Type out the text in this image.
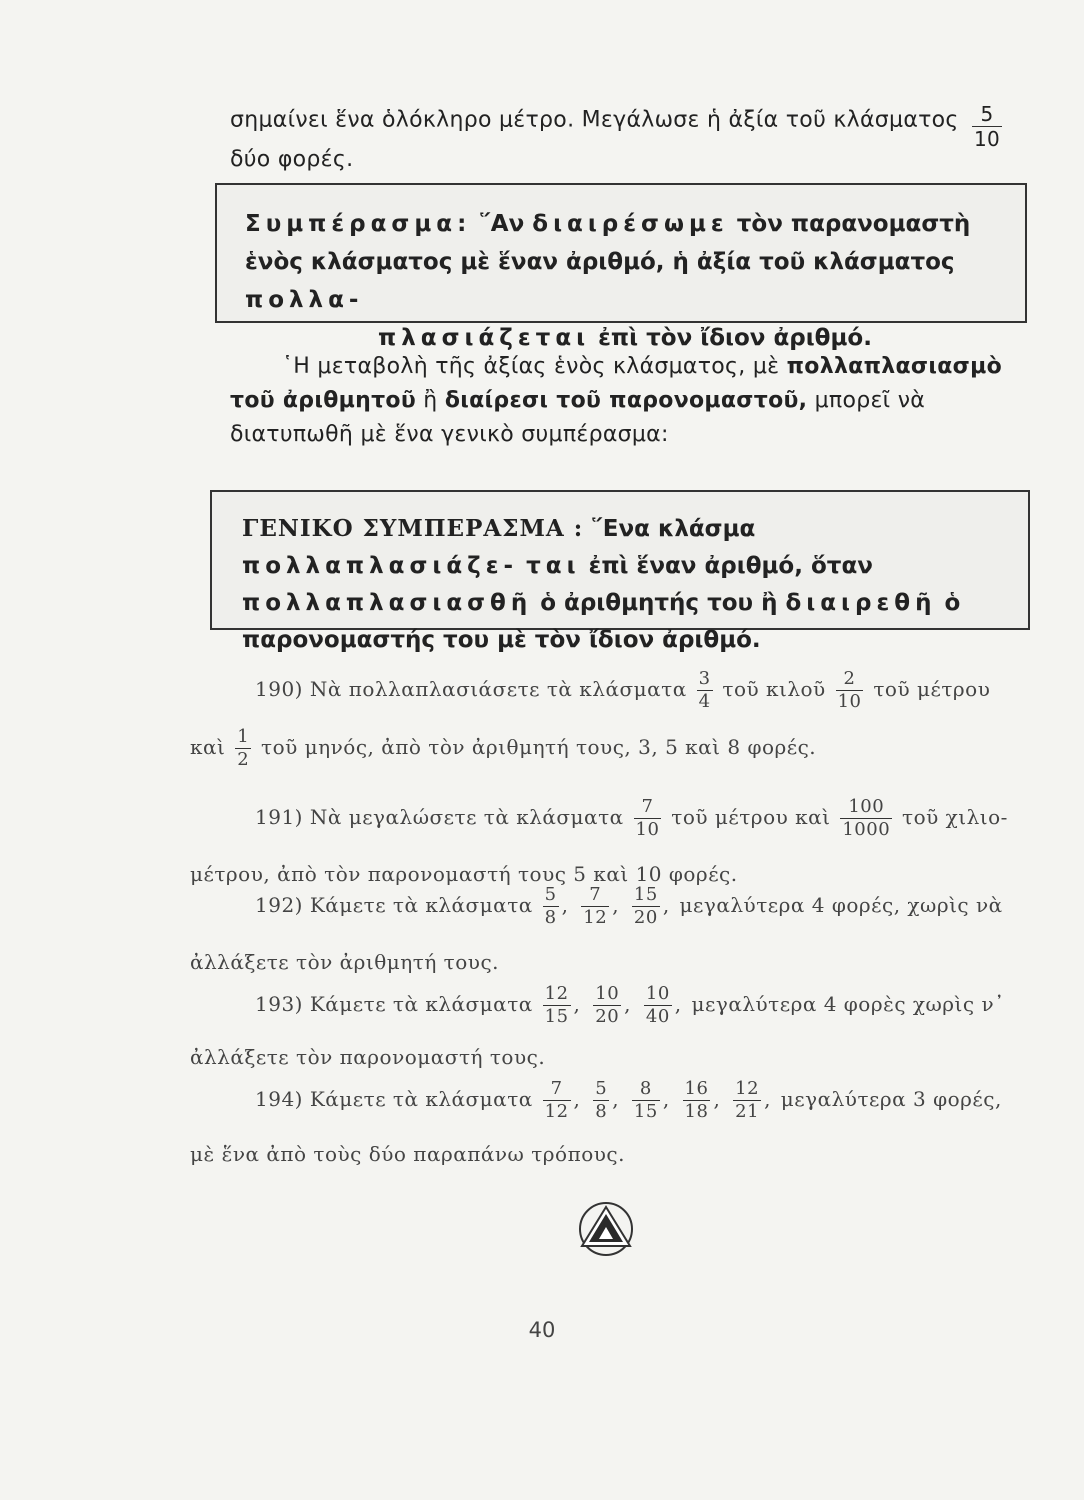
σημαίνει ἕνα ὁλόκληρο μέτρο. Μεγάλωσε ἡ ἀξία τοῦ κλάσματος $\frac{5}{10}$
δύο φορές.
Συμπέρασμα: ῞Αν διαιρέσωμε τὸν παρανομαστὴ ἑνὸς κλάσματος μὲ ἕναν ἀριθμό, ἡ ἀξία τοῦ κλάσματος πολλα-
πλασιάζεται ἐπὶ τὸν ἴδιον ἀριθμό.
῾Η μεταβολὴ τῆς ἀξίας ἑνὸς κλάσματος, μὲ πολλαπλασιασμὸ τοῦ ἀριθμητοῦ ἢ διαίρεσι τοῦ παρονομαστοῦ, μπορεῖ νὰ διατυπωθῆ μὲ ἕνα γενικὸ συμπέρασμα:
ΓΕΝΙΚΟ ΣΥΜΠΕΡΑΣΜΑ : ῞Ενα κλάσμα πολλαπλασιάζε- ται ἐπὶ ἕναν ἀριθμό, ὅταν πολλαπλασιασθῆ ὁ ἀριθμητής του ἢ διαιρεθῆ ὁ παρονομαστής του μὲ τὸν ἴδιον ἀριθμό.
190) Νὰ πολλαπλασιάσετε τὰ κλάσματα $\frac{3}{4}$ τοῦ κιλοῦ $\frac{2}{10}$ τοῦ μέτρου
καὶ $\frac{1}{2}$ τοῦ μηνός, ἀπὸ τὸν ἀριθμητή τους, 3, 5 καὶ 8 φορές.
191) Νὰ μεγαλώσετε τὰ κλάσματα $\frac{7}{10}$ τοῦ μέτρου καὶ $\frac{100}{1000}$ τοῦ χιλιο-
μέτρου, ἀπὸ τὸν παρονομαστή τους 5 καὶ 10 φορές.
192) Κάμετε τὰ κλάσματα $\frac{5}{8}$ , $\frac{7}{12}$ , $\frac{15}{20}$ , μεγαλύτερα 4 φορές, χωρὶς νὰ
ἀλλάξετε τὸν ἀριθμητή τους.
193) Κάμετε τὰ κλάσματα $\frac{12}{15}$ , $\frac{10}{20}$ , $\frac{10}{40}$ , μεγαλύτερα 4 φορὲς χωρὶς ν᾿
ἀλλάξετε τὸν παρονομαστή τους.
194) Κάμετε τὰ κλάσματα $\frac{7}{12}$ , $\frac{5}{8}$ , $\frac{8}{15}$ , $\frac{16}{18}$ , $\frac{12}{21}$ , μεγαλύτερα 3 φορές,
μὲ ἕνα ἀπὸ τοὺς δύο παραπάνω τρόπους.
40
